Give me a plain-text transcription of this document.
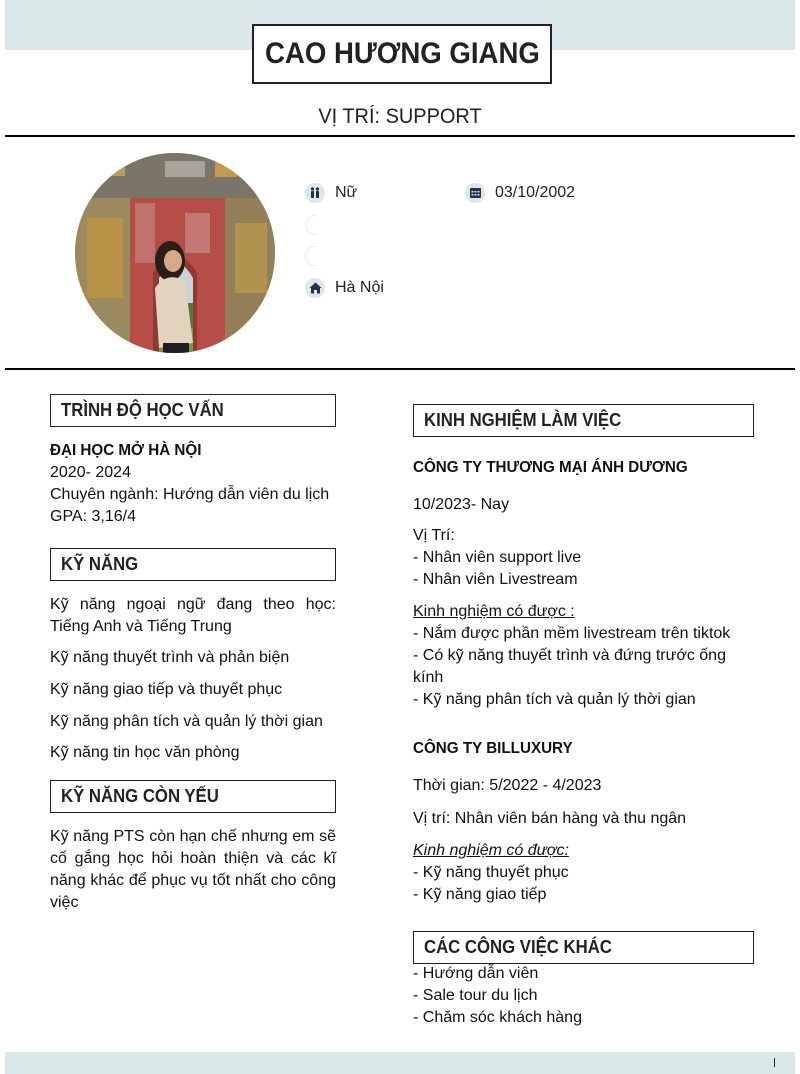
CAO HƯƠNG GIANG
VỊ TRÍ: SUPPORT
Nữ	03/10/2002
Hà Nội
TRÌNH ĐỘ HỌC VẤN
ĐẠI HỌC MỞ HÀ NỘI
2020- 2024
Chuyên ngành: Hướng dẫn viên du lịch
GPA: 3,16/4
KỸ NĂNG
Kỹ năng ngoại ngữ đang theo học: Tiếng Anh và Tiếng Trung
Kỹ năng thuyết trình và phản biện
Kỹ năng giao tiếp và thuyết phục
Kỹ năng phân tích và quản lý thời gian
Kỹ năng tin học văn phòng
KỸ NĂNG CÒN YẾU
Kỹ năng PTS còn hạn chế nhưng em sẽ cố gắng học hỏi hoàn thiện và các kĩ năng khác để phục vụ tốt nhất cho công việc
KINH NGHIỆM LÀM VIỆC
CÔNG TY THƯƠNG MẠI ÁNH DƯƠNG
10/2023- Nay
Vị Trí:
- Nhân viên support live
- Nhân viên Livestream
Kinh nghiệm có được :
- Nắm được phần mềm livestream trên tiktok
- Có kỹ năng thuyết trình và đứng trước ống
kính
- Kỹ năng phân tích và quản lý thời gian
CÔNG TY BILLUXURY
Thời gian: 5/2022 - 4/2023
Vị trí: Nhân viên bán hàng và thu ngân
Kinh nghiệm có được:
- Kỹ năng thuyết phục
- Kỹ năng giao tiếp
CÁC CÔNG VIỆC KHÁC
- Hướng dẫn viên
- Sale tour du lịch
- Chăm sóc khách hàng
